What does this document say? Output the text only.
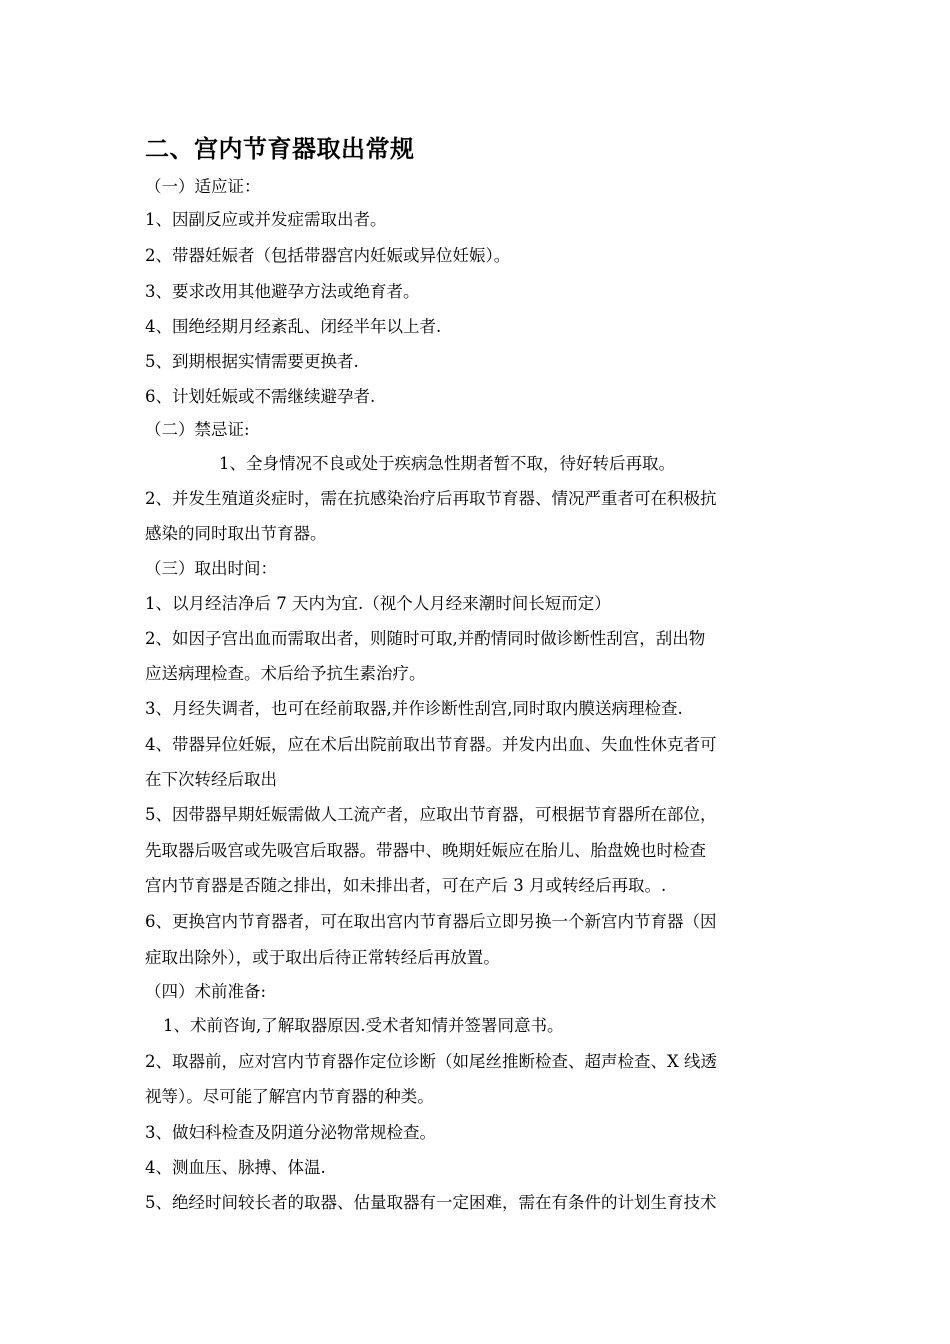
二、宫内节育器取出常规
（一）适应证：
1、因副反应或并发症需取出者。
2、带器妊娠者（包括带器宫内妊娠或异位妊娠）。
3、要求改用其他避孕方法或绝育者。
4、围绝经期月经紊乱、闭经半年以上者.
5、到期根据实情需要更换者.
6、计划妊娠或不需继续避孕者.
（二）禁忌证:
1、全身情况不良或处于疾病急性期者暂不取，待好转后再取。
2、并发生殖道炎症时，需在抗感染治疗后再取节育器、情况严重者可在积极抗
感染的同时取出节育器。
（三）取出时间：
1、以月经洁净后 7 天内为宜.（视个人月经来潮时间长短而定）
2、如因子宫出血而需取出者，则随时可取,并酌情同时做诊断性刮宫，刮出物
应送病理检查。术后给予抗生素治疗。
3、月经失调者，也可在经前取器,并作诊断性刮宫,同时取内膜送病理检查.
4、带器异位妊娠，应在术后出院前取出节育器。并发内出血、失血性休克者可
在下次转经后取出
5、因带器早期妊娠需做人工流产者，应取出节育器，可根据节育器所在部位，
先取器后吸宫或先吸宫后取器。带器中、晚期妊娠应在胎儿、胎盘娩也时检查
宫内节育器是否随之排出，如未排出者，可在产后 3 月或转经后再取。.
6、更换宫内节育器者，可在取出宫内节育器后立即另换一个新宫内节育器（因
症取出除外），或于取出后待正常转经后再放置。
（四）术前准备:
1、术前咨询,了解取器原因.受术者知情并签署同意书。
2、取器前，应对宫内节育器作定位诊断（如尾丝推断检查、超声检查、X 线透
视等）。尽可能了解宫内节育器的种类。
3、做妇科检查及阴道分泌物常规检查。
4、测血压、脉搏、体温.
5、绝经时间较长者的取器、估量取器有一定困难，需在有条件的计划生育技术
